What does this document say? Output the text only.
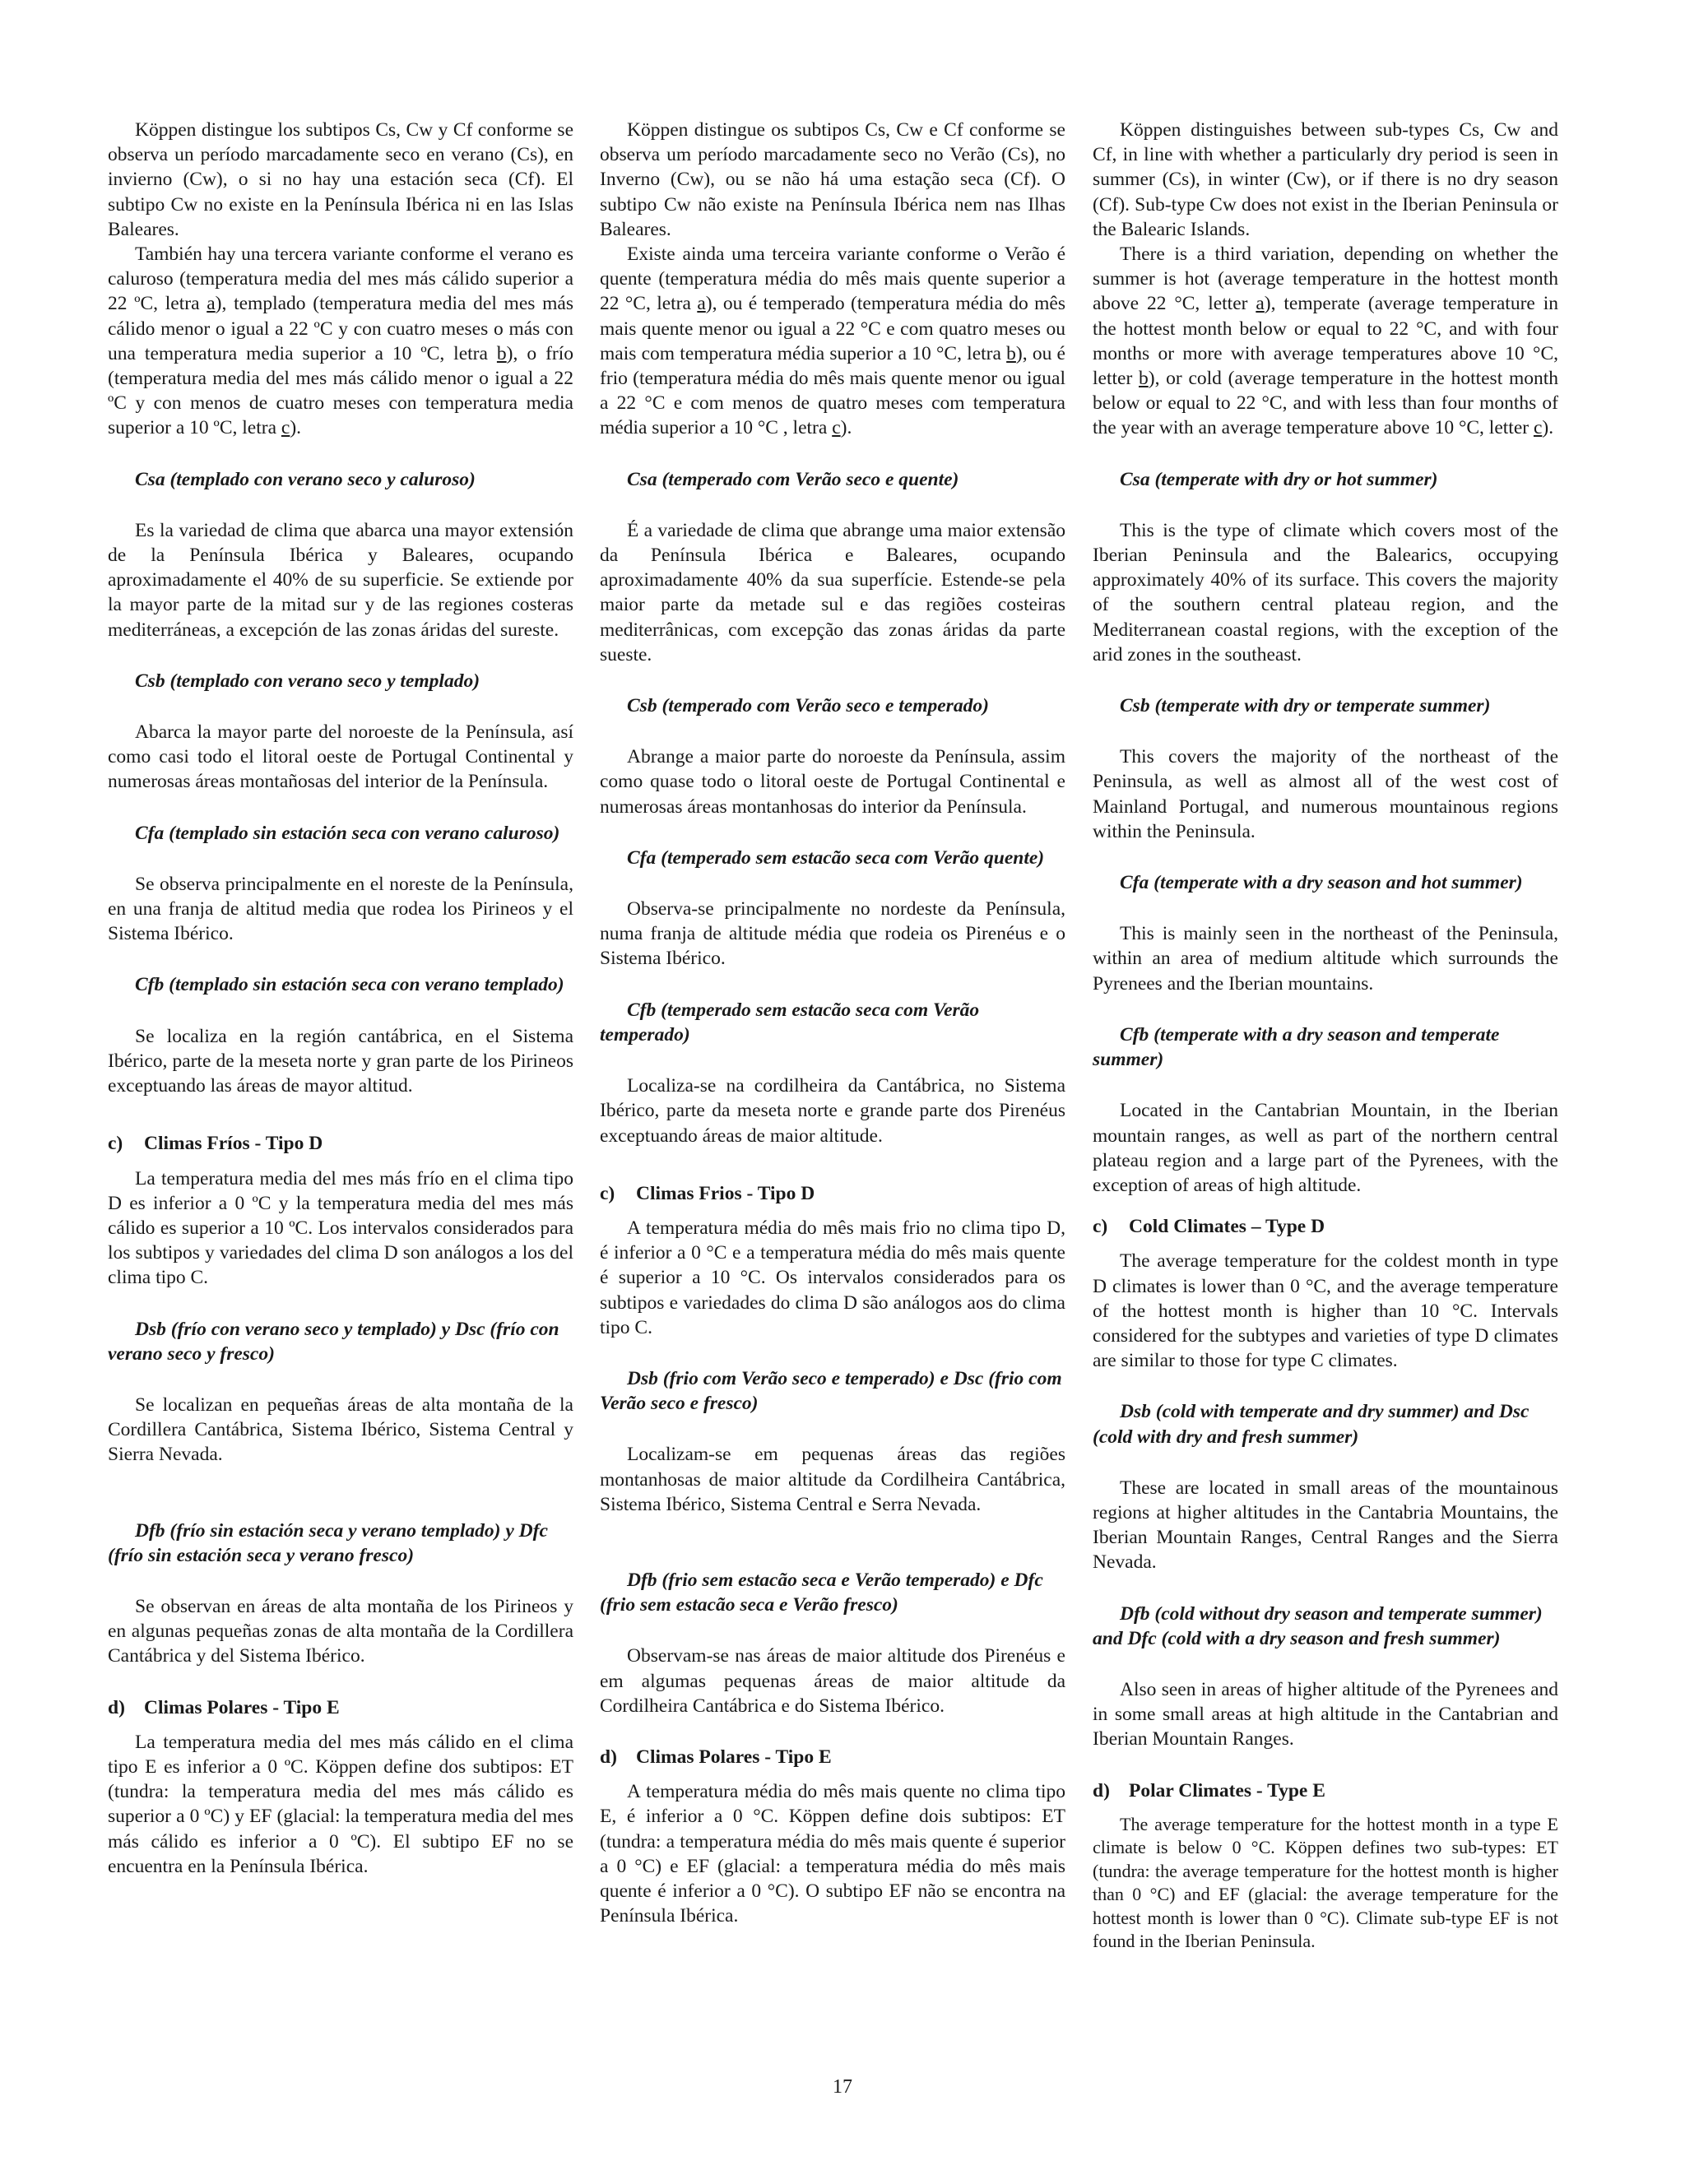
Köppen distingue los subtipos Cs, Cw y Cf conforme se observa un período marcadamente seco en verano (Cs), en invierno (Cw), o si no hay una estación seca (Cf). El subtipo Cw no existe en la Península Ibérica ni en las Islas Baleares.

También hay una tercera variante conforme el verano es caluroso (temperatura media del mes más cálido superior a 22 ºC, letra a), templado (temperatura media del mes más cálido menor o igual a 22 ºC y con cuatro meses o más con una temperatura media superior a 10 ºC, letra b), o frío (temperatura media del mes más cálido menor o igual a 22 ºC y con menos de cuatro meses con temperatura media superior a 10 ºC, letra c).

Csa (templado con verano seco y caluroso)

Es la variedad de clima que abarca una mayor extensión de la Península Ibérica y Baleares, ocupando aproximadamente el 40% de su superficie. Se extiende por la mayor parte de la mitad sur y de las regiones costeras mediterráneas, a excepción de las zonas áridas del sureste.

Csb (templado con verano seco y templado)

Abarca la mayor parte del noroeste de la Península, así como casi todo el litoral oeste de Portugal Continental y numerosas áreas montañosas del interior de la Península.

Cfa (templado sin estación seca con verano caluroso)

Se observa principalmente en el noreste de la Península, en una franja de altitud media que rodea los Pirineos y el Sistema Ibérico.

Cfb (templado sin estación seca con verano templado)

Se localiza en la región cantábrica, en el Sistema Ibérico, parte de la meseta norte y gran parte de los Pirineos exceptuando las áreas de mayor altitud.

c) Climas Fríos - Tipo D

La temperatura media del mes más frío en el clima tipo D es inferior a 0 ºC y la temperatura media del mes más cálido es superior a 10 ºC. Los intervalos considerados para los subtipos y variedades del clima D son análogos a los del clima tipo C.

Dsb (frío con verano seco y templado) y Dsc (frío con verano seco y fresco)

Se localizan en pequeñas áreas de alta montaña de la Cordillera Cantábrica, Sistema Ibérico, Sistema Central y Sierra Nevada.

Dfb (frío sin estación seca y verano templado) y Dfc (frío sin estación seca y verano fresco)

Se observan en áreas de alta montaña de los Pirineos y en algunas pequeñas zonas de alta montaña de la Cordillera Cantábrica y del Sistema Ibérico.

d) Climas Polares - Tipo E

La temperatura media del mes más cálido en el clima tipo E es inferior a 0 ºC. Köppen define dos subtipos: ET (tundra: la temperatura media del mes más cálido es superior a 0 ºC) y EF (glacial: la temperatura media del mes más cálido es inferior a 0 ºC). El subtipo EF no se encuentra en la Península Ibérica.

Köppen distingue os subtipos Cs, Cw e Cf conforme se observa um período marcadamente seco no Verão (Cs), no Inverno (Cw), ou se não há uma estação seca (Cf). O subtipo Cw não existe na Península Ibérica nem nas Ilhas Baleares.

Existe ainda uma terceira variante conforme o Verão é quente (temperatura média do mês mais quente superior a 22 °C, letra a), ou é temperado (temperatura média do mês mais quente menor ou igual a 22 °C e com quatro meses ou mais com temperatura média superior a 10 °C, letra b), ou é frio (temperatura média do mês mais quente menor ou igual a 22 °C e com menos de quatro meses com temperatura média superior a 10 °C , letra c).

Csa (temperado com Verão seco e quente)

É a variedade de clima que abrange uma maior extensão da Península Ibérica e Baleares, ocupando aproximadamente 40% da sua superfície. Estende-se pela maior parte da metade sul e das regiões costeiras mediterrânicas, com excepção das zonas áridas da parte sueste.

Csb (temperado com Verão seco e temperado)

Abrange a maior parte do noroeste da Península, assim como quase todo o litoral oeste de Portugal Continental e numerosas áreas montanhosas do interior da Península.

Cfa (temperado sem estacão seca com Verão quente)

Observa-se principalmente no nordeste da Península, numa franja de altitude média que rodeia os Pirenéus e o Sistema Ibérico.

Cfb (temperado sem estacão seca com Verão temperado)

Localiza-se na cordilheira da Cantábrica, no Sistema Ibérico, parte da meseta norte e grande parte dos Pirenéus exceptuando áreas de maior altitude.

c) Climas Frios - Tipo D

A temperatura média do mês mais frio no clima tipo D, é inferior a 0 °C e a temperatura média do mês mais quente é superior a 10 °C. Os intervalos considerados para os subtipos e variedades do clima D são análogos aos do clima tipo C.

Dsb (frio com Verão seco e temperado) e Dsc (frio com Verão seco e fresco)

Localizam-se em pequenas áreas das regiões montanhosas de maior altitude da Cordilheira Cantábrica, Sistema Ibérico, Sistema Central e Serra Nevada.

Dfb (frio sem estacão seca e Verão temperado) e Dfc (frio sem estacão seca e Verão fresco)

Observam-se nas áreas de maior altitude dos Pirenéus e em algumas pequenas áreas de maior altitude da Cordilheira Cantábrica e do Sistema Ibérico.

d) Climas Polares - Tipo E

A temperatura média do mês mais quente no clima tipo E, é inferior a 0 °C. Köppen define dois subtipos: ET (tundra: a temperatura média do mês mais quente é superior a 0 °C) e EF (glacial: a temperatura média do mês mais quente é inferior a 0 °C). O subtipo EF não se encontra na Península Ibérica.

Köppen distinguishes between sub-types Cs, Cw and Cf, in line with whether a particularly dry period is seen in summer (Cs), in winter (Cw), or if there is no dry season (Cf). Sub-type Cw does not exist in the Iberian Peninsula or the Balearic Islands.

There is a third variation, depending on whether the summer is hot (average temperature in the hottest month above 22 °C, letter a), temperate (average temperature in the hottest month below or equal to 22 °C, and with four months or more with average temperatures above 10 °C, letter b), or cold (average temperature in the hottest month below or equal to 22 °C, and with less than four months of the year with an average temperature above 10 °C, letter c).

Csa (temperate with dry or hot summer)

This is the type of climate which covers most of the Iberian Peninsula and the Balearics, occupying approximately 40% of its surface. This covers the majority of the southern central plateau region, and the Mediterranean coastal regions, with the exception of the arid zones in the southeast.

Csb (temperate with dry or temperate summer)

This covers the majority of the northeast of the Peninsula, as well as almost all of the west cost of Mainland Portugal, and numerous mountainous regions within the Peninsula.

Cfa (temperate with a dry season and hot summer)

This is mainly seen in the northeast of the Peninsula, within an area of medium altitude which surrounds the Pyrenees and the Iberian mountains.

Cfb (temperate with a dry season and temperate summer)

Located in the Cantabrian Mountain, in the Iberian mountain ranges, as well as part of the northern central plateau region and a large part of the Pyrenees, with the exception of areas of high altitude.

c) Cold Climates – Type D

The average temperature for the coldest month in type D climates is lower than 0 °C, and the average temperature of the hottest month is higher than 10 °C. Intervals considered for the subtypes and varieties of type D climates are similar to those for type C climates.

Dsb (cold with temperate and dry summer) and Dsc (cold with dry and fresh summer)

These are located in small areas of the mountainous regions at higher altitudes in the Cantabria Mountains, the Iberian Mountain Ranges, Central Ranges and the Sierra Nevada.

Dfb (cold without dry season and temperate summer) and Dfc (cold with a dry season and fresh summer)

Also seen in areas of higher altitude of the Pyrenees and in some small areas at high altitude in the Cantabrian and Iberian Mountain Ranges.

d) Polar Climates - Type E

The average temperature for the hottest month in a type E climate is below 0 °C. Köppen defines two sub-types: ET (tundra: the average temperature for the hottest month is higher than 0 °C) and EF (glacial: the average temperature for the hottest month is lower than 0 °C). Climate sub-type EF is not found in the Iberian Peninsula.

17
